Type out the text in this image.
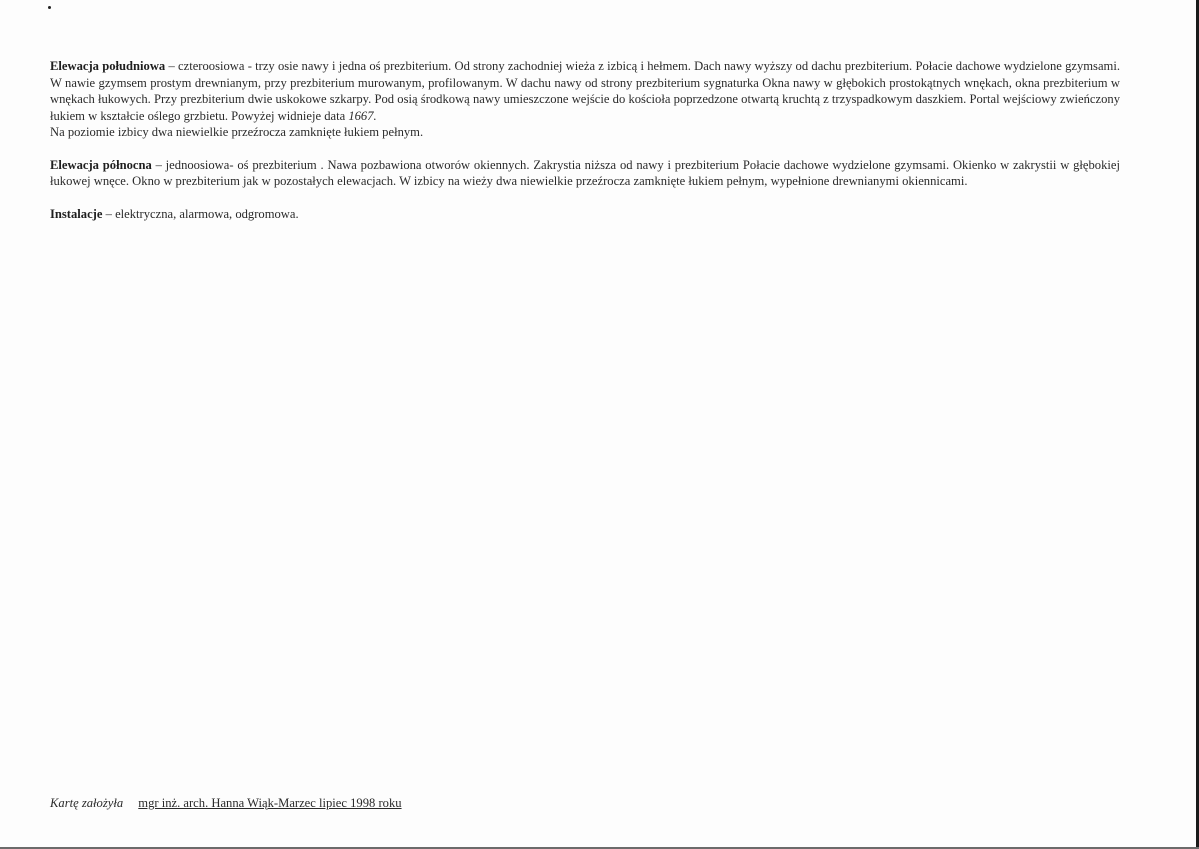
Elewacja południowa – czteroosiowa - trzy osie nawy i jedna oś prezbiterium. Od strony zachodniej wieża z izbicą i hełmem. Dach nawy wyższy od dachu prezbiterium. Połacie dachowe wydzielone gzymsami. W nawie gzymsem prostym drewnianym, przy prezbiterium murowanym, profilowanym. W dachu nawy od strony prezbiterium sygnaturka Okna nawy w głębokich prostokątnych wnękach, okna prezbiterium w wnękach łukowych. Przy prezbiterium dwie uskokowe szkarpy. Pod osią środkową nawy umieszczone wejście do kościoła poprzedzone otwartą kruchtą z trzyspadkowym daszkiem. Portal wejściowy zwieńczony łukiem w kształcie oślego grzbietu. Powyżej widnieje data 1667.
Na poziomie izbicy dwa niewielkie przeźrocza zamknięte łukiem pełnym.

Elewacja północna – jednoosiowa- oś prezbiterium . Nawa pozbawiona otworów okiennych. Zakrystia niższa od nawy i prezbiterium Połacie dachowe wydzielone gzymsami. Okienko w zakrystii w głębokiej łukowej wnęce. Okno w prezbiterium jak w pozostałych elewacjach. W izbicy na wieży dwa niewielkie przeźrocza zamknięte łukiem pełnym, wypełnione drewnianymi okiennicami.

Instalacje – elektryczna, alarmowa, odgromowa.

Kartę założyła mgr inż. arch. Hanna Wiąk-Marzec lipiec 1998 roku
